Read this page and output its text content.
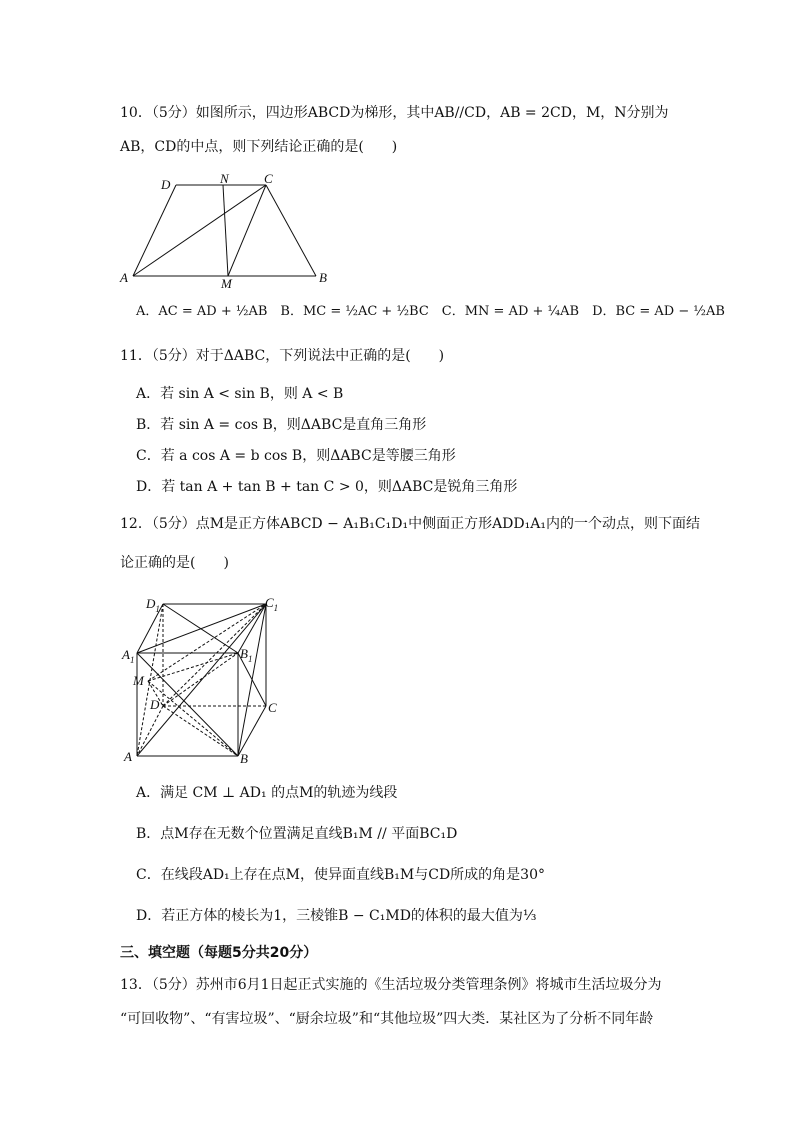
10．（5分）如图所示，四边形ABCD为梯形，其中AB//CD，AB = 2CD，M，N分别为
AB，CD的中点，则下列结论正确的是(　　)
A	B
C
D
M
N
A．AC = AD + ½AB　B．MC = ½AC + ½BC　C．MN = AD + ¼AB　D．BC = AD − ½AB
11．（5分）对于ΔABC，下列说法中正确的是(　　)
A．若 sin A < sin B，则 A < B
B．若 sin A = cos B，则ΔABC是直角三角形
C．若 a cos A = b cos B，则ΔABC是等腰三角形
D．若 tan A + tan B + tan C > 0，则ΔABC是锐角三角形
12．（5分）点M是正方体ABCD − A₁B₁C₁D₁中侧面正方形ADD₁A₁内的一个动点，则下面结
论正确的是(　　)
$D_1$	$C_1$
$A_1$	$B_1$
M
D	C
A	B
A．满足 CM ⊥ AD₁ 的点M的轨迹为线段
B．点M存在无数个位置满足直线B₁M // 平面BC₁D
C．在线段AD₁上存在点M，使异面直线B₁M与CD所成的角是30°
D．若正方体的棱长为1，三棱锥B − C₁MD的体积的最大值为⅓
三、填空题（每题5分共20分）
13．（5分）苏州市6月1日起正式实施的《生活垃圾分类管理条例》将城市生活垃圾分为
“可回收物”、“有害垃圾”、“厨余垃圾”和“其他垃圾”四大类．某社区为了分析不同年龄
